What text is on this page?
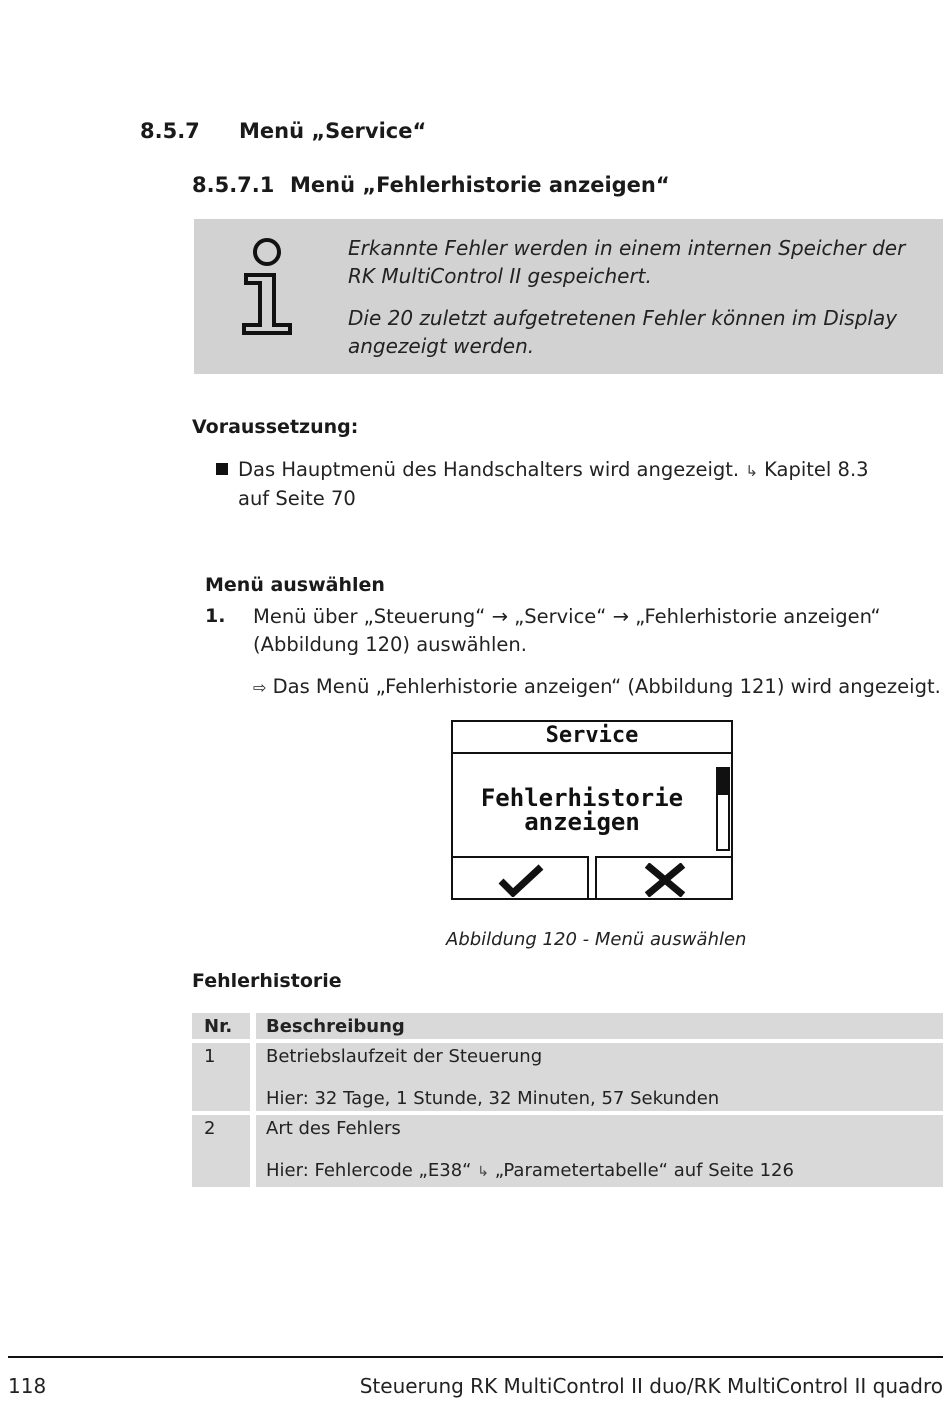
8.5.7 Menü „Service“
8.5.7.1 Menü „Fehlerhistorie anzeigen“
Erkannte Fehler werden in einem internen Speicher der
RK MultiControl II gespeichert.
Die 20 zuletzt aufgetretenen Fehler können im Display
angezeigt werden.
Voraussetzung:
Das Hauptmenü des Handschalters wird angezeigt. ↳ Kapitel 8.3
auf Seite 70
Menü auswählen
1. Menü über „Steuerung“ → „Service“ → „Fehlerhistorie anzeigen“
(Abbildung 120) auswählen.
⇨ Das Menü „Fehlerhistorie anzeigen“ (Abbildung 121) wird angezeigt.
Service
Fehlerhistorie
anzeigen
Abbildung 120 - Menü auswählen
Fehlerhistorie
Nr. Beschreibung
1	Betriebslaufzeit der Steuerung
Hier: 32 Tage, 1 Stunde, 32 Minuten, 57 Sekunden
2	Art des Fehlers
Hier: Fehlercode „E38“ ↳ „Parametertabelle“ auf Seite 126
118	Steuerung RK MultiControl II duo/RK MultiControl II quadro
